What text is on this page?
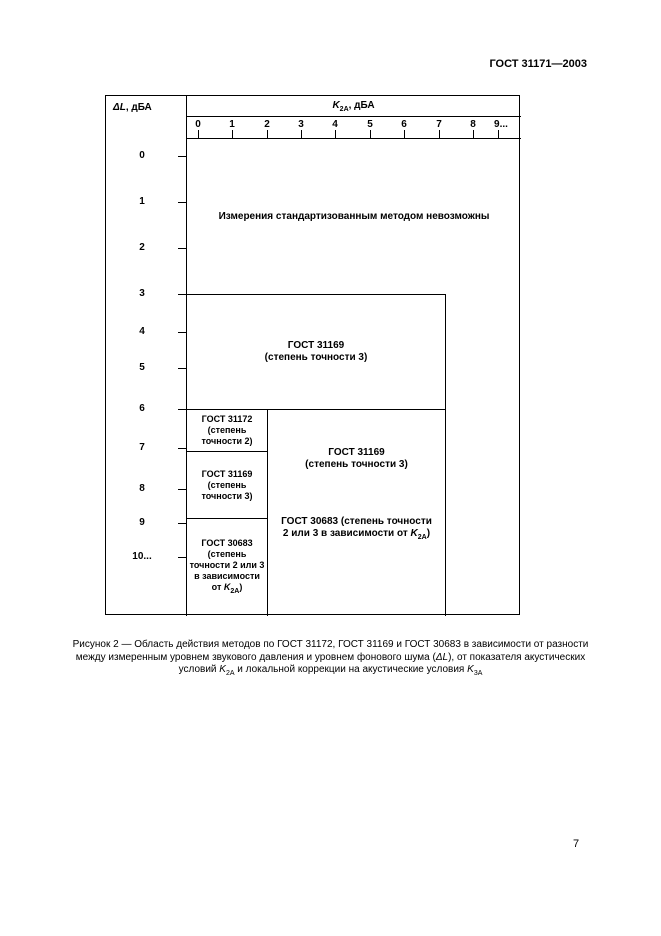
ГОСТ 31171—2003
ΔL, дБА	$K_{2A}$, дБА
0	1	2	3	4	5	6	7	8 9...
0
1
2
3
4
5
6
7
8
9
10...
Измерения стандартизованным методом невозможны
ГОСТ 31169
(степень точности 3)
ГОСТ 31172
(степень
точности 2)
ГОСТ 31169
(степень
точности 3)
ГОСТ 30683
(степень
точности 2 или 3
в зависимости
от $K_{2A}$)
ГОСТ 31169
(степень точности 3)
ГОСТ 30683 (степень точности
2 или 3 в зависимости от $K_{2A}$)
Рисунок 2 — Область действия методов по ГОСТ 31172, ГОСТ 31169 и ГОСТ 30683 в зависимости от разности
между измеренным уровнем звукового давления и уровнем фонового шума (ΔL), от показателя акустических
условий $K_{2A}$ и локальной коррекции на акустические условия $K_{3A}$
7
